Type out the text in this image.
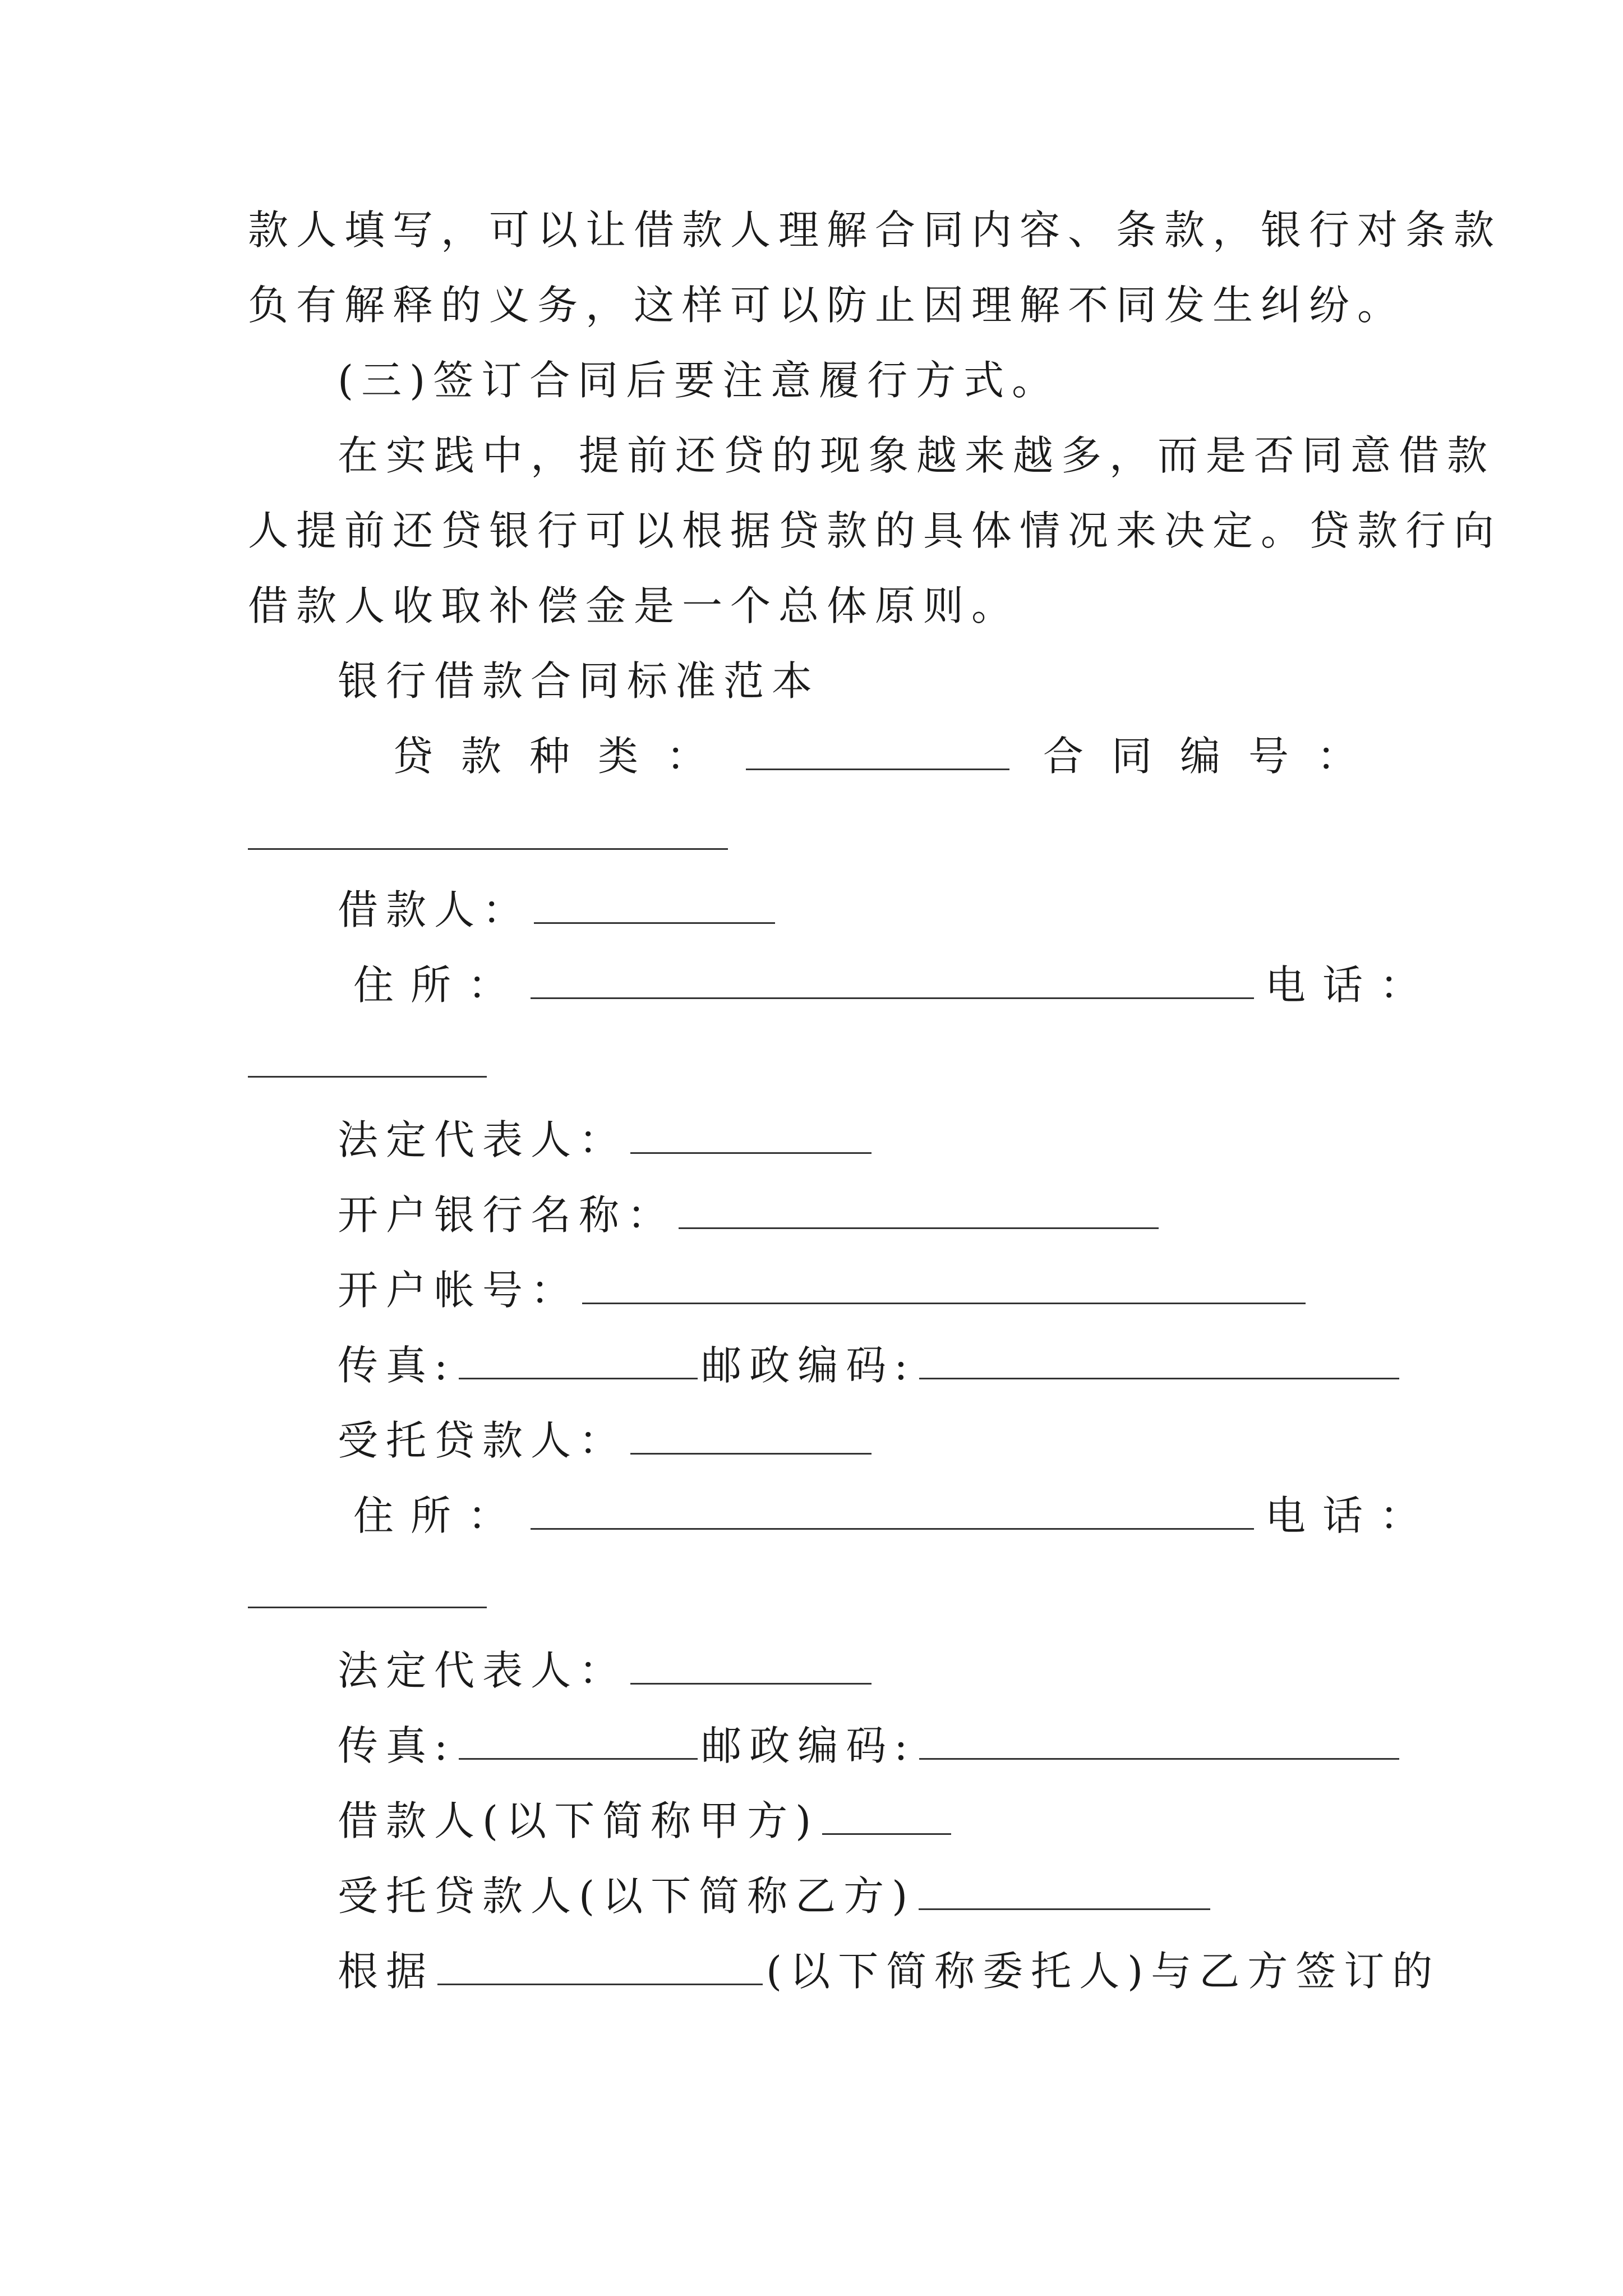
款人填写，可以让借款人理解合同内容、条款，银行对条款
负有解释的义务，这样可以防止因理解不同发生纠纷。
(三)签订合同后要注意履行方式。
在实践中，提前还贷的现象越来越多，而是否同意借款
人提前还贷银行可以根据贷款的具体情况来决定。贷款行向
借款人收取补偿金是一个总体原则。
银行借款合同标准范本
贷款种类：	合同编号：
借款人：
住所：	电话：
法定代表人：
开户银行名称：
开户帐号：
传真:	邮政编码:
受托贷款人：
住所：	电话：
法定代表人：
传真:	邮政编码:
借款人(以下简称甲方)
受托贷款人(以下简称乙方)
根据	(以下简称委托人)与乙方签订的
